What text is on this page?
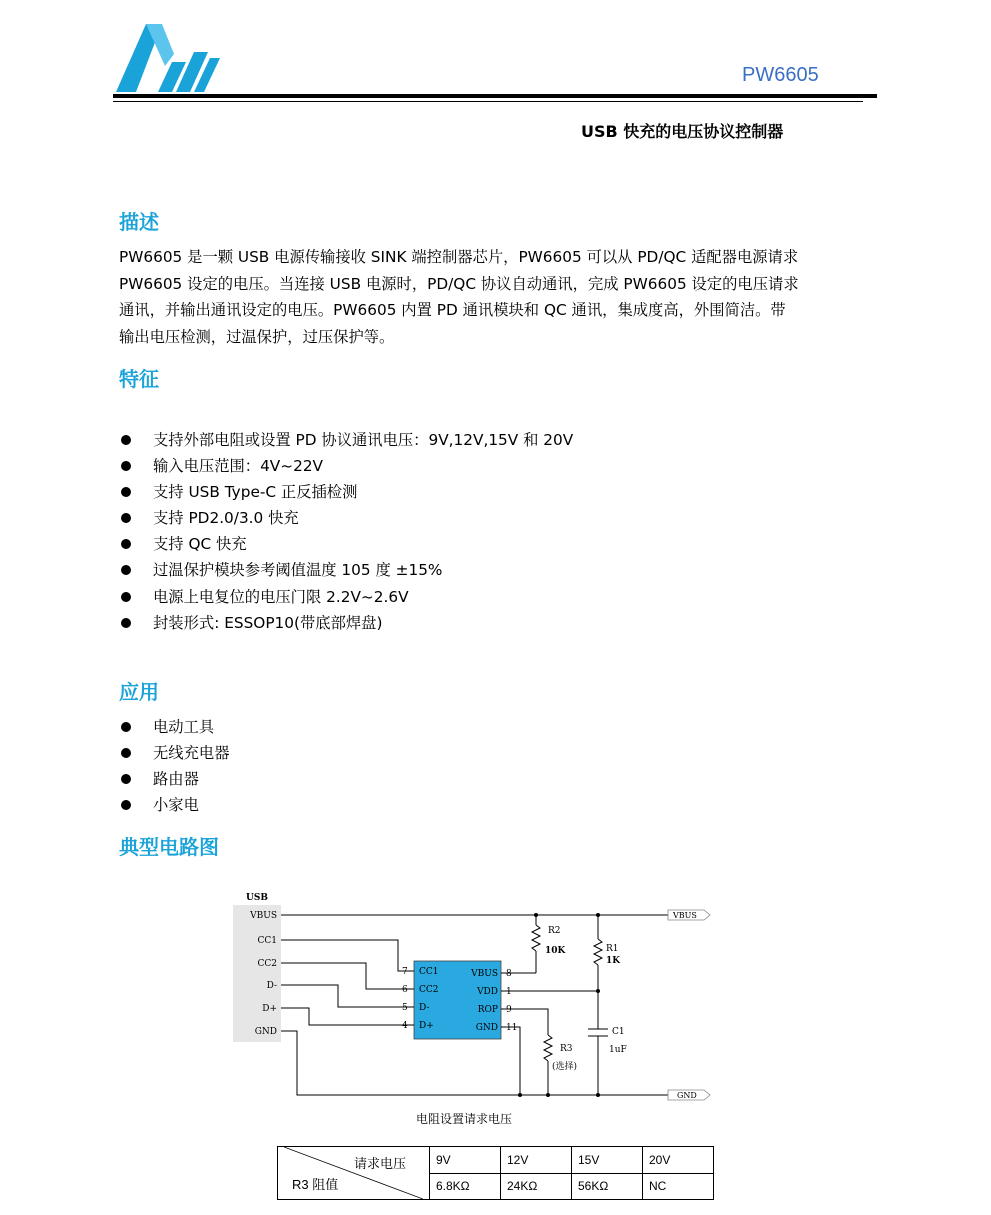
PW6605
USB 快充的电压协议控制器
描述

PW6605 是一颗 USB 电源传输接收 SINK 端控制器芯片，PW6605 可以从 PD/QC 适配器电源请求

PW6605 设定的电压。当连接 USB 电源时，PD/QC 协议自动通讯，完成 PW6605 设定的电压请求

通讯，并输出通讯设定的电压。PW6605 内置 PD 通讯模块和 QC 通讯，集成度高，外围简洁。带

输出电压检测，过温保护，过压保护等。

特征
支持外部电阻或设置 PD 协议通讯电压：9V,12V,15V 和 20V
输入电压范围：4V~22V
支持 USB Type-C 正反插检测
支持 PD2.0/3.0 快充
支持 QC 快充
过温保护模块参考阈值温度 105 度 ±15%
电源上电复位的电压门限 2.2V~2.6V
封装形式: ESSOP10(带底部焊盘)
应用
电动工具
无线充电器
路由器
小家电
典型电路图
USB
VBUS
CC1
CC2
D-
D+
GND
CC1
CC2
D-
D+
VBUS
VDD
ROP
GND
7
6
5
4
8
1
9
11
VBUS
GND
R2
10K	R1
1K
C1
1uF
R3
(选择)
电阻设置请求电压
请求电压
R3 阻值	9V	12V	15V	20V
	6.8KΩ	24KΩ	56KΩ	NC
